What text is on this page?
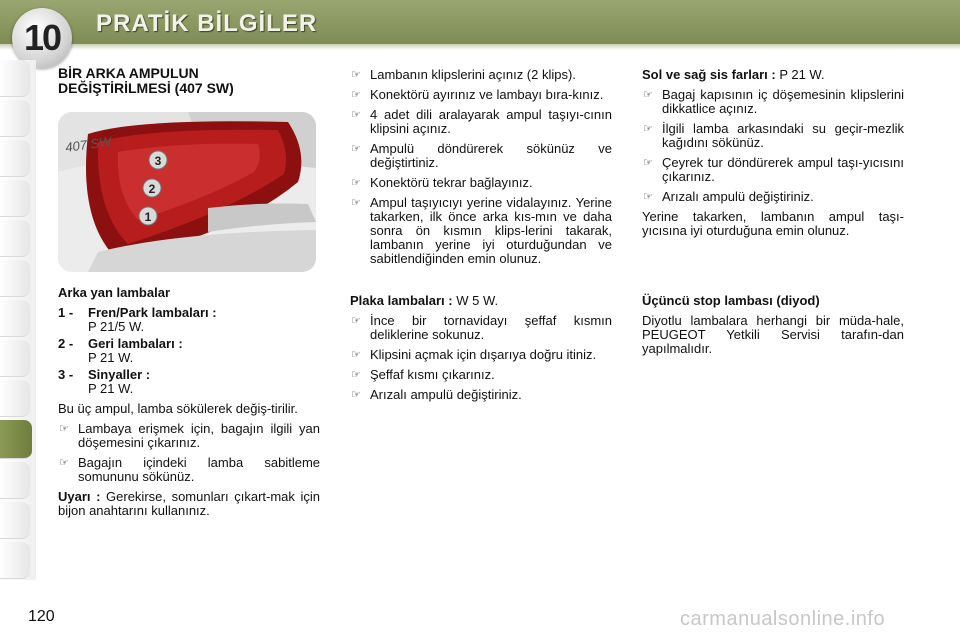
10 PRATİK BİLGİLER
BİR ARKA AMPULUN
DEĞİŞTİRİLMESİ (407 SW)
407 SW
3
2
1
Arka yan lambalar
1 -	Fren/Park lambaları :
P 21/5 W.
2 -	Geri lambaları :
P 21 W.
3 -	Sinyaller :
P 21 W.

Bu üç ampul, lamba sökülerek değiş-tirilir.

☞ Lambaya erişmek için, bagajın ilgili yan döşemesini çıkarınız.
☞ Bagajın içindeki lamba sabitleme somununu sökünüz.

Uyarı : Gerekirse, somunları çıkart-mak için bijon anahtarını kullanınız.

☞ Lambanın klipslerini açınız (2 klips).
☞ Konektörü ayırınız ve lambayı bıra-kınız.
☞ 4 adet dili aralayarak ampul taşıyı-cının klipsini açınız.
☞ Ampulü döndürerek sökünüz ve değiştirtiniz.
☞ Konektörü tekrar bağlayınız.
☞ Ampul taşıyıcıyı yerine vidalayınız. Yerine takarken, ilk önce arka kıs-mın ve daha sonra ön kısmın klips-lerini takarak, lambanın yerine iyi oturduğundan ve sabitlendiğinden emin olunuz.

Plaka lambaları : W 5 W.

☞ İnce bir tornavidayı şeffaf kısmın deliklerine sokunuz.
☞ Klipsini açmak için dışarıya doğru itiniz.
☞ Şeffaf kısmı çıkarınız.
☞ Arızalı ampulü değiştiriniz.

Sol ve sağ sis farları : P 21 W.

☞ Bagaj kapısının iç döşemesinin klipslerini dikkatlice açınız.
☞ İlgili lamba arkasındaki su geçir-mezlik kağıdını sökünüz.
☞ Çeyrek tur döndürerek ampul taşı-yıcısını çıkarınız.
☞ Arızalı ampulü değiştiriniz.

Yerine takarken, lambanın ampul taşı-yıcısına iyi oturduğuna emin olunuz.

Üçüncü stop lambası (diyod)

Diyotlu lambalara herhangi bir müda-hale, PEUGEOT Yetkili Servisi tarafın-dan yapılmalıdır.

120	carmanualsonline.info
